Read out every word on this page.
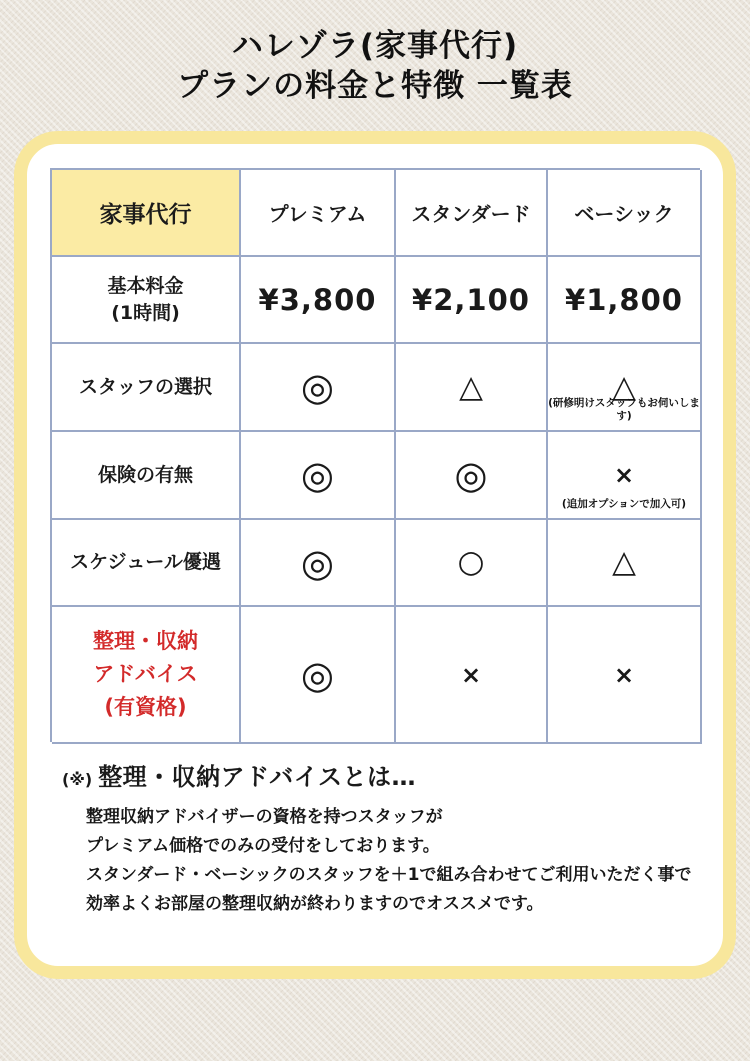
ハレゾラ(家事代行)
プランの料金と特徴 一覧表
家事代行	プレミアム	スタンダード	ベーシック
基本料金
(1時間)	¥3,800	¥2,100	¥1,800
スタッフの選択 ◎	△	△
(研修明けスタッフもお伺いします)
保険の有無	◎	◎	×
(追加オプションで加入可)
スケジュール優遇 ◎	○	△
整理・収納
アドバイス
(有資格)
◎	×	×
(※) 整理・収納アドバイスとは…
整理収納アドバイザーの資格を持つスタッフが
プレミアム価格でのみの受付をしております。
スタンダード・ベーシックのスタッフを＋1で組み合わせてご利用いただく事で
効率よくお部屋の整理収納が終わりますのでオススメです。
